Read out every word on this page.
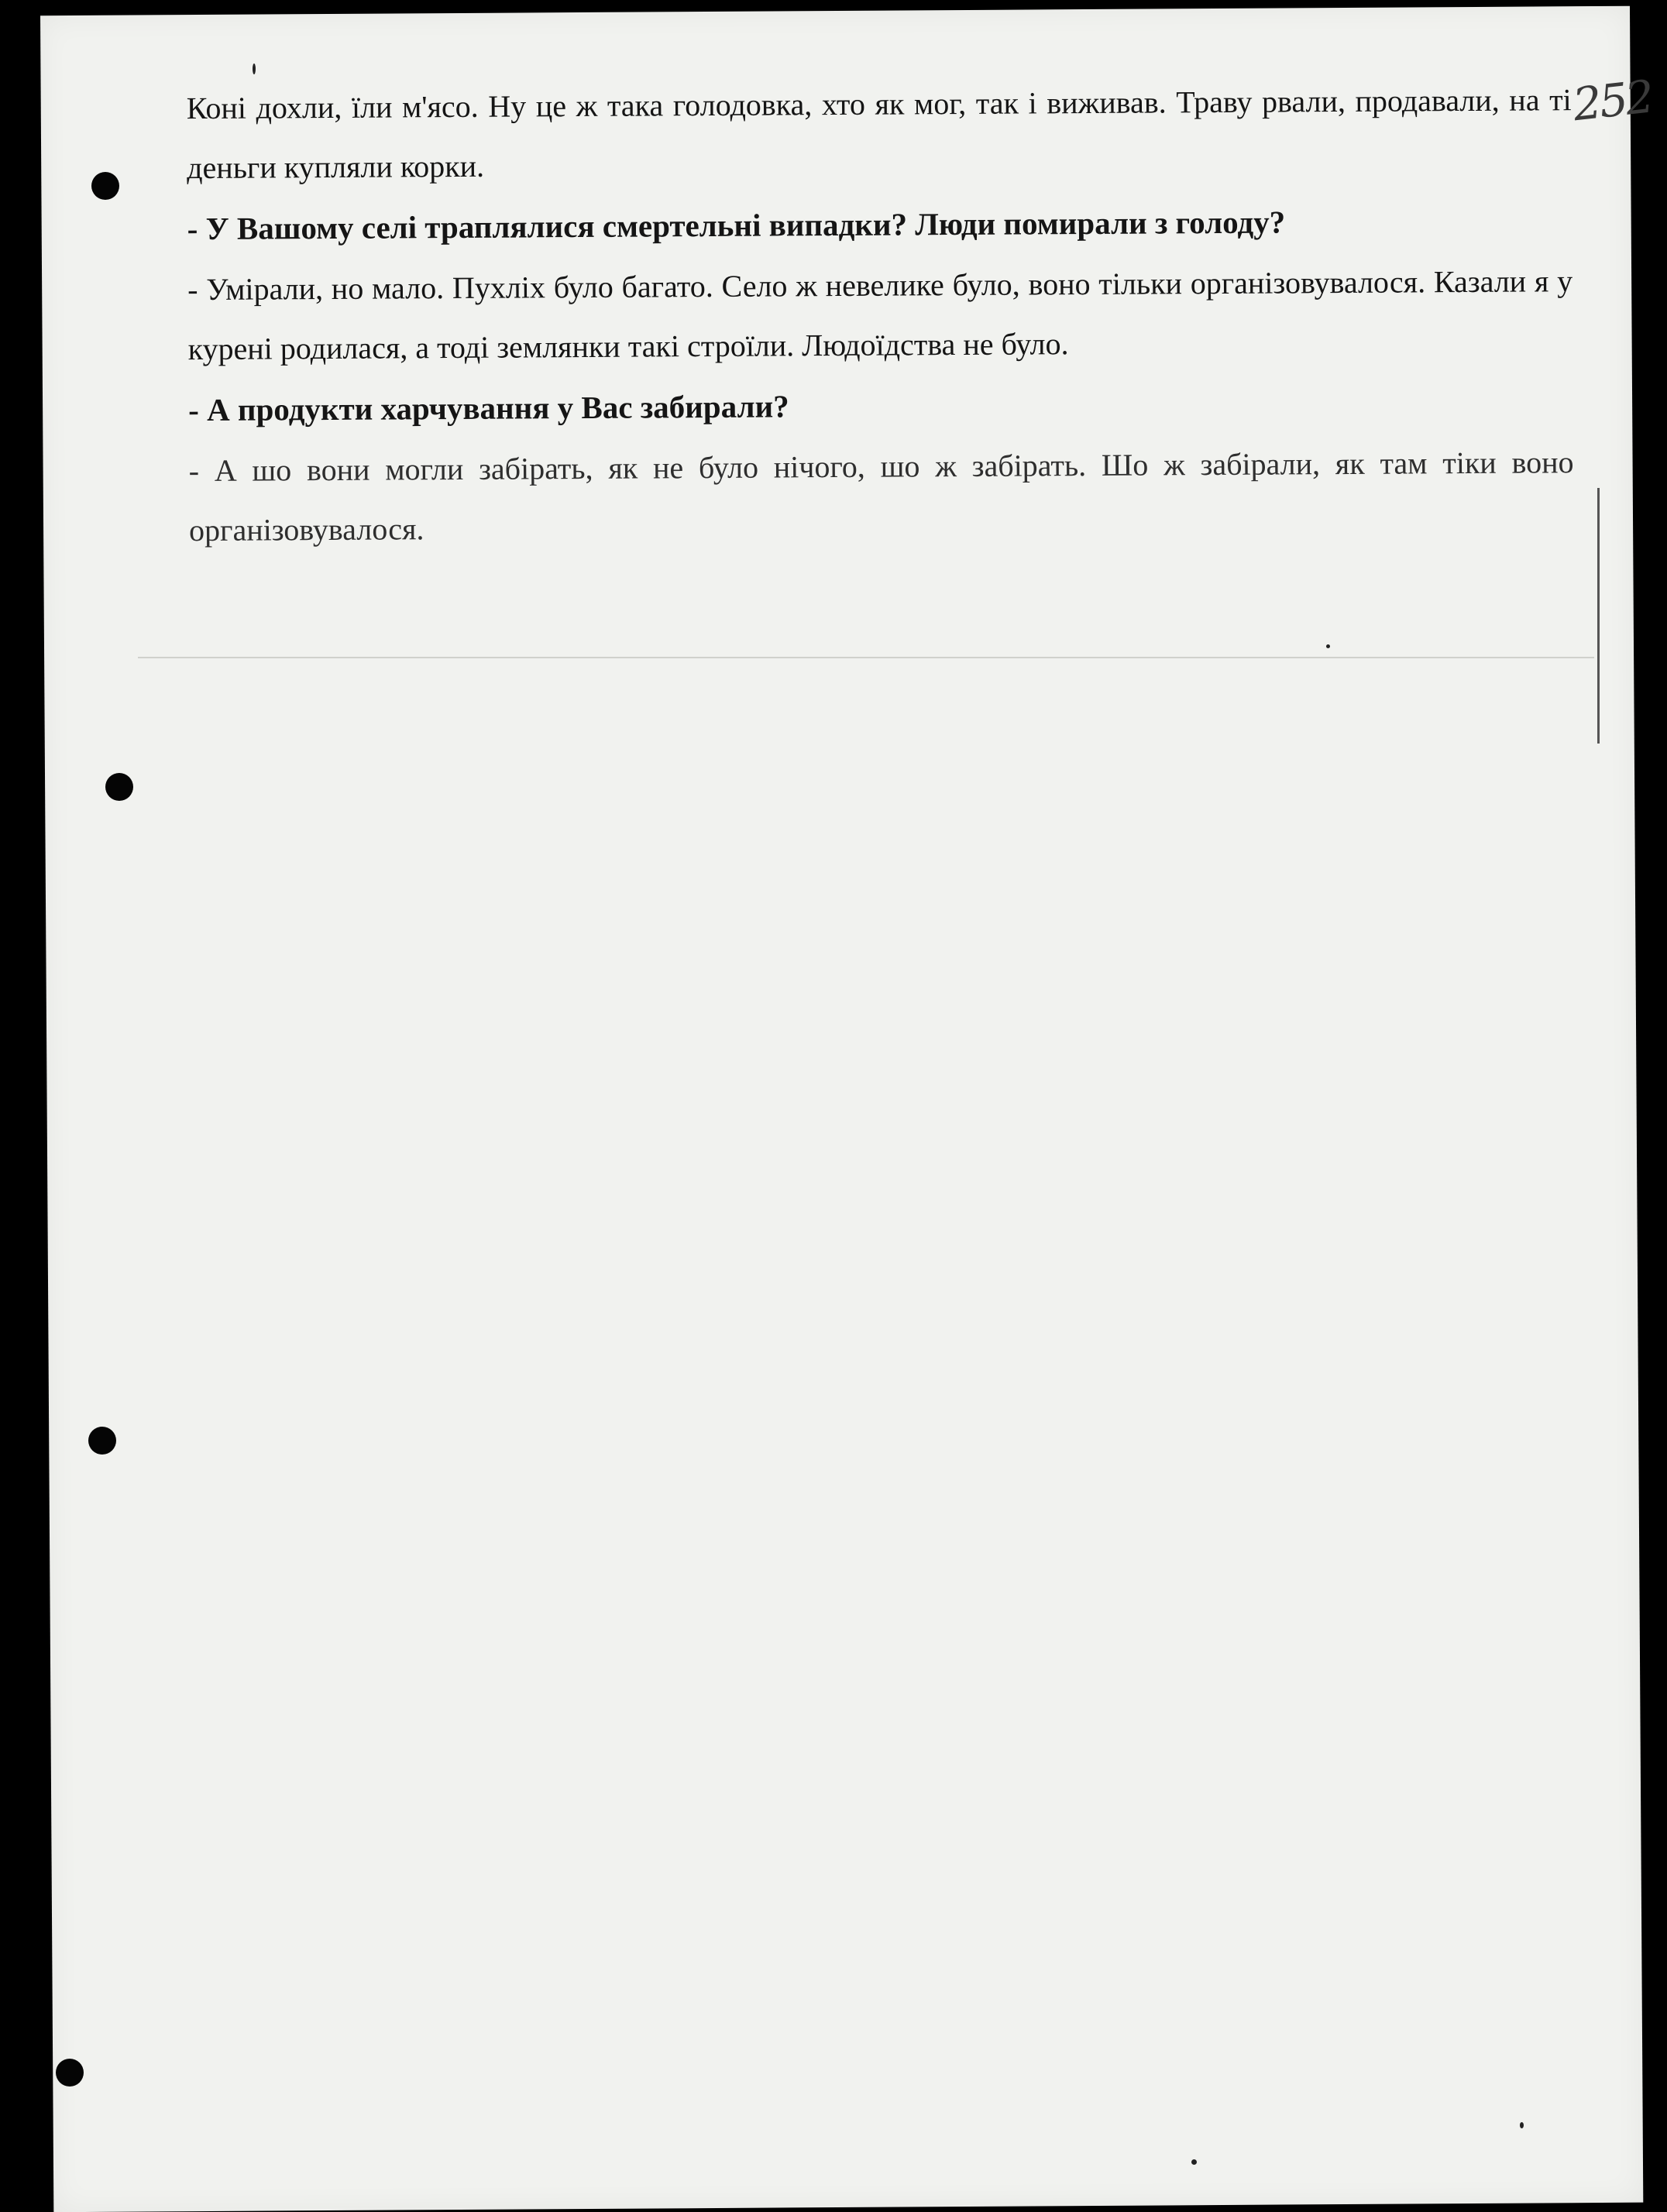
252

Коні дохли, їли м'ясо. Ну це ж така голодовка, хто як мог, так і виживав. Траву рвали, продавали, на ті деньги купляли корки.

- У Вашому селі траплялися смертельні випадки? Люди помирали з голоду?

- Умірали, но мало. Пухліх було багато. Село ж невелике було, воно тільки організовувалося. Казали я у курені родилася, а тоді землянки такі строїли. Людоїдства не було.

- А продукти харчування у Вас забирали?

- А шо вони могли забірать, як не було нічого, шо ж забірать. Шо ж забірали, як там тіки воно організовувалося.
